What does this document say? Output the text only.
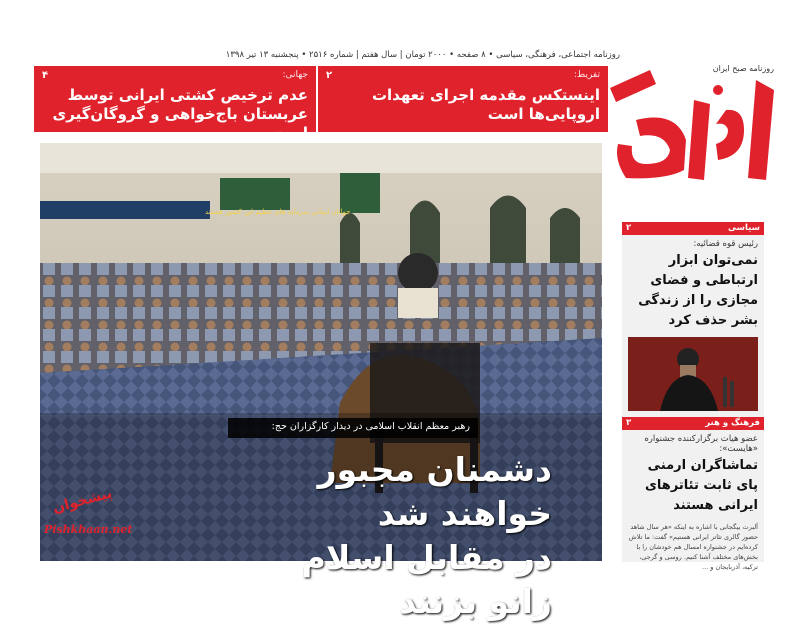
روزنامه اجتماعی، فرهنگی، سیاسی • ۸ صفحه • ۲۰۰۰ تومان | سال هفتم | شماره ۲۵۱۶ • پنجشنبه ۱۳ تیر ۱۳۹۸
روزنامه صبح ایران
تفریط:
۲
اینستکس مقدمه اجرای تعهدات اروپایی‌ها است
جهانی:
۴
عدم ترخیص کشتی ایرانی توسط عربستان باج‌خواهی و گروگان‌گیری است
جوانان ایمانی سرمایه های عظیم این کشور هستند
پیشخوان
Pishkhaan.net
رهبر معظم انقلاب اسلامی در دیدار کارگزاران حج:
دشمنان مجبور خواهند شد
در مقابل اسلام زانو بزنند
سیاسی
۲
رئیس قوه قضائیه:
نمی‌توان ابزار ارتباطی و فضای مجازی را از زندگی بشر حذف کرد
فرهنگ و هنر
۳
عضو هیات برگزارکننده جشنواره «هایست»:
تماشاگران ارمنی پای ثابت تئاترهای ایرانی هستند
آلبرت بیگجانی با اشاره به اینکه «هر سال شاهد حضور گالری تئاتر ایرانی هستیم» گفت: ما تلاش کرده‌ایم در جشنواره امسال هم خودشان را با بخش‌های مختلف آشنا کنیم. روسی و گرجی، ترکیه، آذربایجان و ...
